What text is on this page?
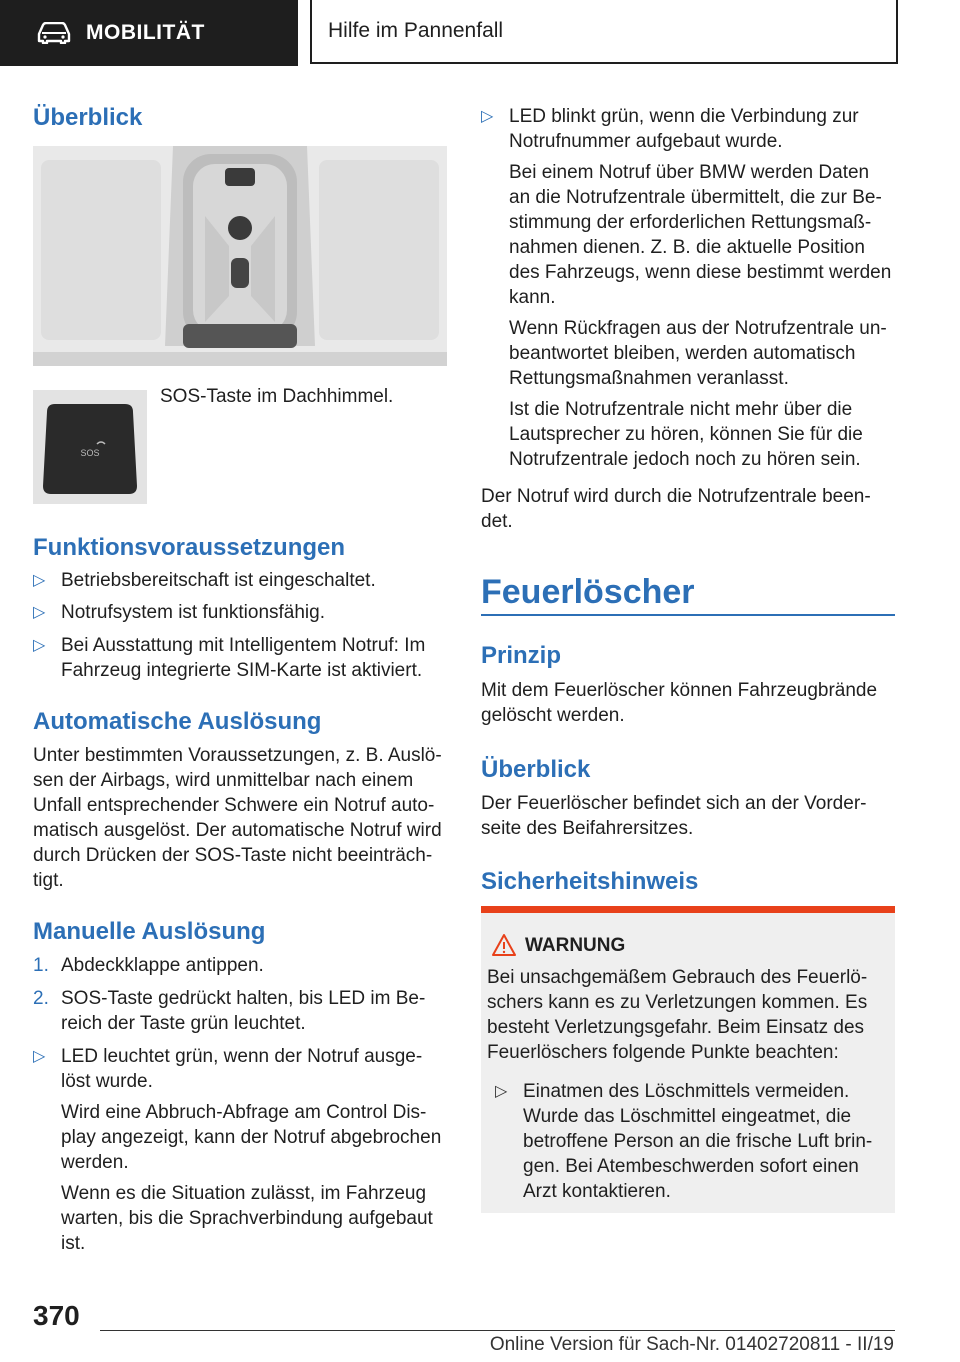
MOBILITÄT	Hilfe im Pannenfall
Überblick
SOS
SOS-Taste im Dachhimmel.
Funktionsvoraussetzungen
▷ Betriebsbereitschaft ist eingeschaltet.
▷ Notrufsystem ist funktionsfähig.
▷ Bei Ausstattung mit Intelligentem Notruf: Im Fahrzeug integrierte SIM-Karte ist aktiviert.
Automatische Auslösung

Unter bestimmten Voraussetzungen, z. B. Auslö-sen der Airbags, wird unmittelbar nach einem Unfall entsprechender Schwere ein Notruf auto-matisch ausgelöst. Der automatische Notruf wird durch Drücken der SOS-Taste nicht beeinträch-tigt.

Manuelle Auslösung
1. Abdeckklappe antippen.
2. SOS-Taste gedrückt halten, bis LED im Be-reich der Taste grün leuchtet.
▷ LED leuchtet grün, wenn der Notruf ausge-löst wurde.
Wird eine Abbruch-Abfrage am Control Dis-play angezeigt, kann der Notruf abgebrochen werden.
Wenn es die Situation zulässt, im Fahrzeug warten, bis die Sprachverbindung aufgebaut ist.
▷ LED blinkt grün, wenn die Verbindung zur Notrufnummer aufgebaut wurde.
Bei einem Notruf über BMW werden Daten an die Notrufzentrale übermittelt, die zur Be-stimmung der erforderlichen Rettungsmaß-nahmen dienen. Z. B. die aktuelle Position des Fahrzeugs, wenn diese bestimmt werden kann.
Wenn Rückfragen aus der Notrufzentrale un-beantwortet bleiben, werden automatisch Rettungsmaßnahmen veranlasst.
Ist die Notrufzentrale nicht mehr über die Lautsprecher zu hören, können Sie für die Notrufzentrale jedoch noch zu hören sein.

Der Notruf wird durch die Notrufzentrale been-det.

Feuerlöscher
Prinzip

Mit dem Feuerlöscher können Fahrzeugbrände gelöscht werden.

Überblick

Der Feuerlöscher befindet sich an der Vorder-seite des Beifahrersitzes.

Sicherheitshinweis
WARNUNG
Bei unsachgemäßem Gebrauch des Feuerlö-schers kann es zu Verletzungen kommen. Es besteht Verletzungsgefahr. Beim Einsatz des Feuerlöschers folgende Punkte beachten:
▷ Einatmen des Löschmittels vermeiden. Wurde das Löschmittel eingeatmet, die betroffene Person an die frische Luft brin-gen. Bei Atembeschwerden sofort einen Arzt kontaktieren.
370
Online Version für Sach-Nr. 01402720811 - II/19
